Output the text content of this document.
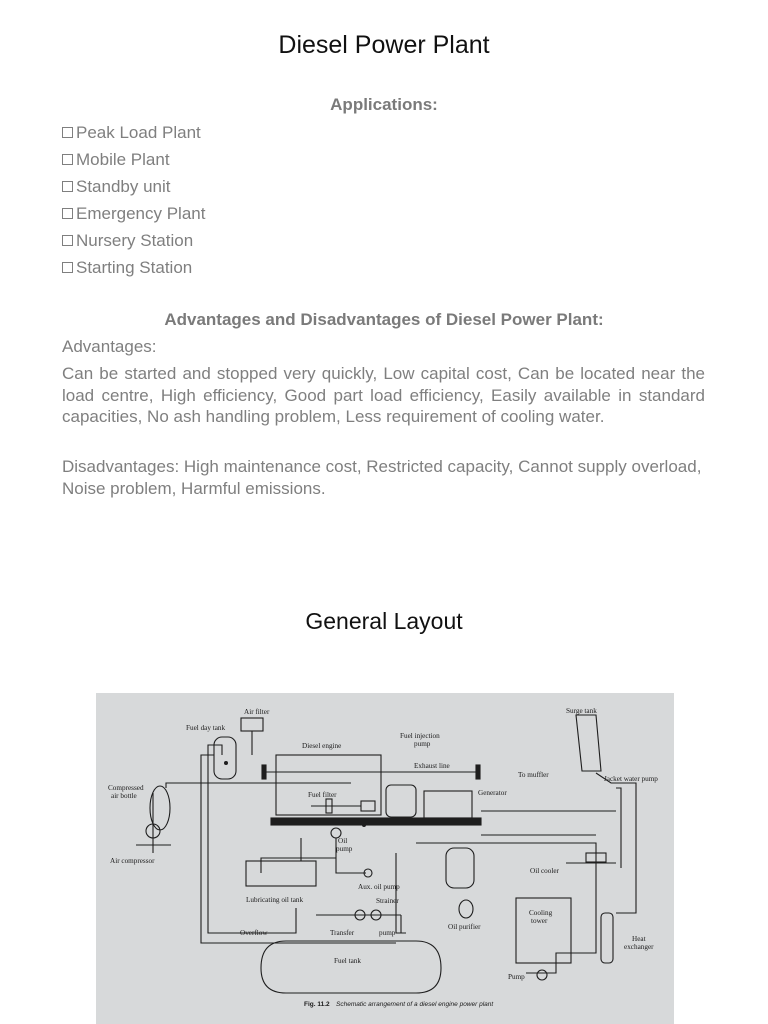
Diesel Power Plant
Applications:
Peak Load Plant
Mobile Plant
Standby unit
Emergency Plant
Nursery Station
Starting Station
Advantages and Disadvantages of Diesel Power Plant:

Advantages:

Can be started and stopped very quickly, Low capital cost, Can be located near the load centre, High efficiency, Good part load efficiency, Easily available in standard capacities, No ash handling problem, Less requirement of cooling water.

Disadvantages: High maintenance cost, Restricted capacity, Cannot supply overload, Noise problem, Harmful emissions.

General Layout
Air filter
Fuel day tank
Diesel engine
Fuel injection
pump
Surge tank
Exhaust line
To muffler	Jacket water pump
Compressed
air bottle	Fuel filter	Generator
Oil
pump
Air compressor
Oil cooler
Aux. oil pump
Lubricating oil tank	Strainer
Cooling
tower
Overflow	Transfer	pump
Oil purifier
Heat
exchanger
Fuel tank
Pump
Fig. 11.2 Schematic arrangement of a diesel engine power plant
